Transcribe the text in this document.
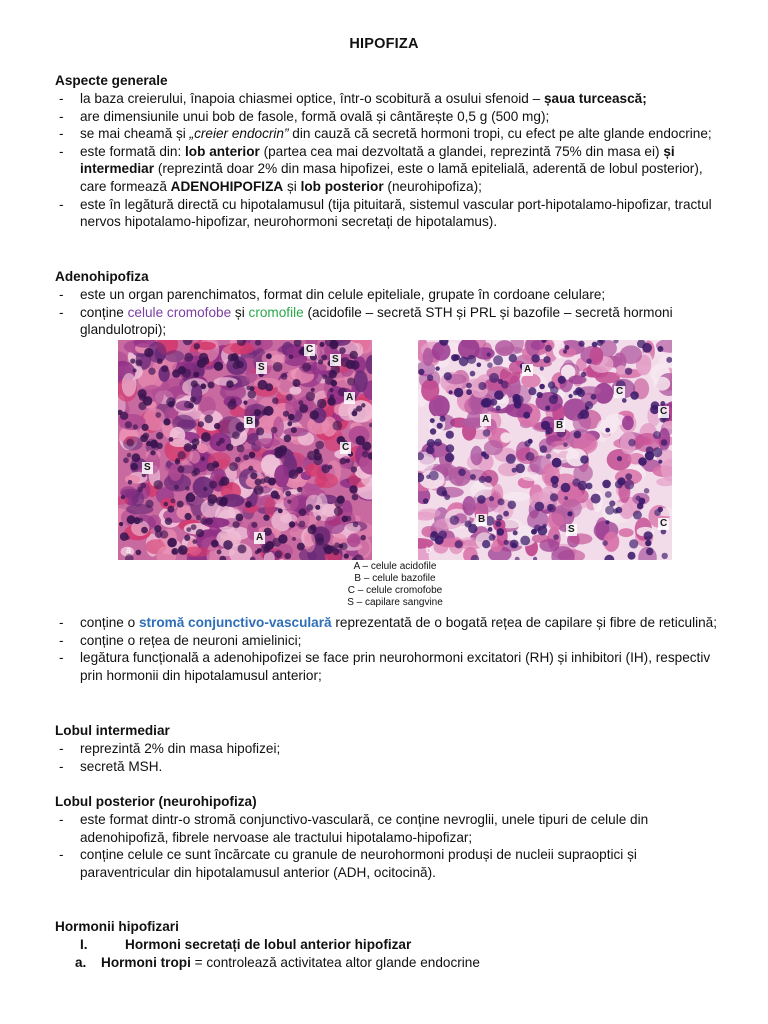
HIPOFIZA
Aspecte generale
- la baza creierului, înapoia chiasmei optice, într-o scobitură a osului sfenoid – șaua turcească;
- are dimensiunile unui bob de fasole, formă ovală și cântărește 0,5 g (500 mg);
- se mai cheamă și „creier endocrin” din cauză că secretă hormoni tropi, cu efect pe alte glande endocrine;
- este formată din: lob anterior (partea cea mai dezvoltată a glandei, reprezintă 75% din masa ei) și intermediar (reprezintă doar 2% din masa hipofizei, este o lamă epitelială, aderentă de lobul posterior), care formează ADENOHIPOFIZA și lob posterior (neurohipofiza);
- este în legătură directă cu hipotalamusul (tija pituitară, sistemul vascular port-hipotalamo-hipofizar, tractul nervos hipotalamo-hipofizar, neurohormoni secretați de hipotalamus).
Adenohipofiza
- este un organ parenchimatos, format din celule epiteliale, grupate în cordoane celulare;
- conține celule cromofobe și cromofile (acidofile – secretă STH și PRL și bazofile – secretă hormoni glandulotropi);
C
S
S
A
B
C
S
A
a
A
C
A
B
C
B
S
C
b
A – celule acidofile
B – celule bazofile
C – celule cromofobe
S – capilare sangvine
- conține o stromă conjunctivo-vasculară reprezentată de o bogată rețea de capilare și fibre de reticulină;
- conține o rețea de neuroni amielinici;
- legătura funcțională a adenohipofizei se face prin neurohormoni excitatori (RH) și inhibitori (IH), respectiv prin hormonii din hipotalamusul anterior;
Lobul intermediar
- reprezintă 2% din masa hipofizei;
- secretă MSH.
Lobul posterior (neurohipofiza)
- este format dintr-o stromă conjunctivo-vasculară, ce conține nevroglii, unele tipuri de celule din adenohipofiză, fibrele nervoase ale tractului hipotalamo-hipofizar;
- conține celule ce sunt încărcate cu granule de neurohormoni produși de nucleii supraoptici și paraventricular din hipotalamusul anterior (ADH, ocitocină).
Hormonii hipofizari
I.	Hormoni secretați de lobul anterior hipofizar
a. Hormoni tropi = controlează activitatea altor glande endocrine
